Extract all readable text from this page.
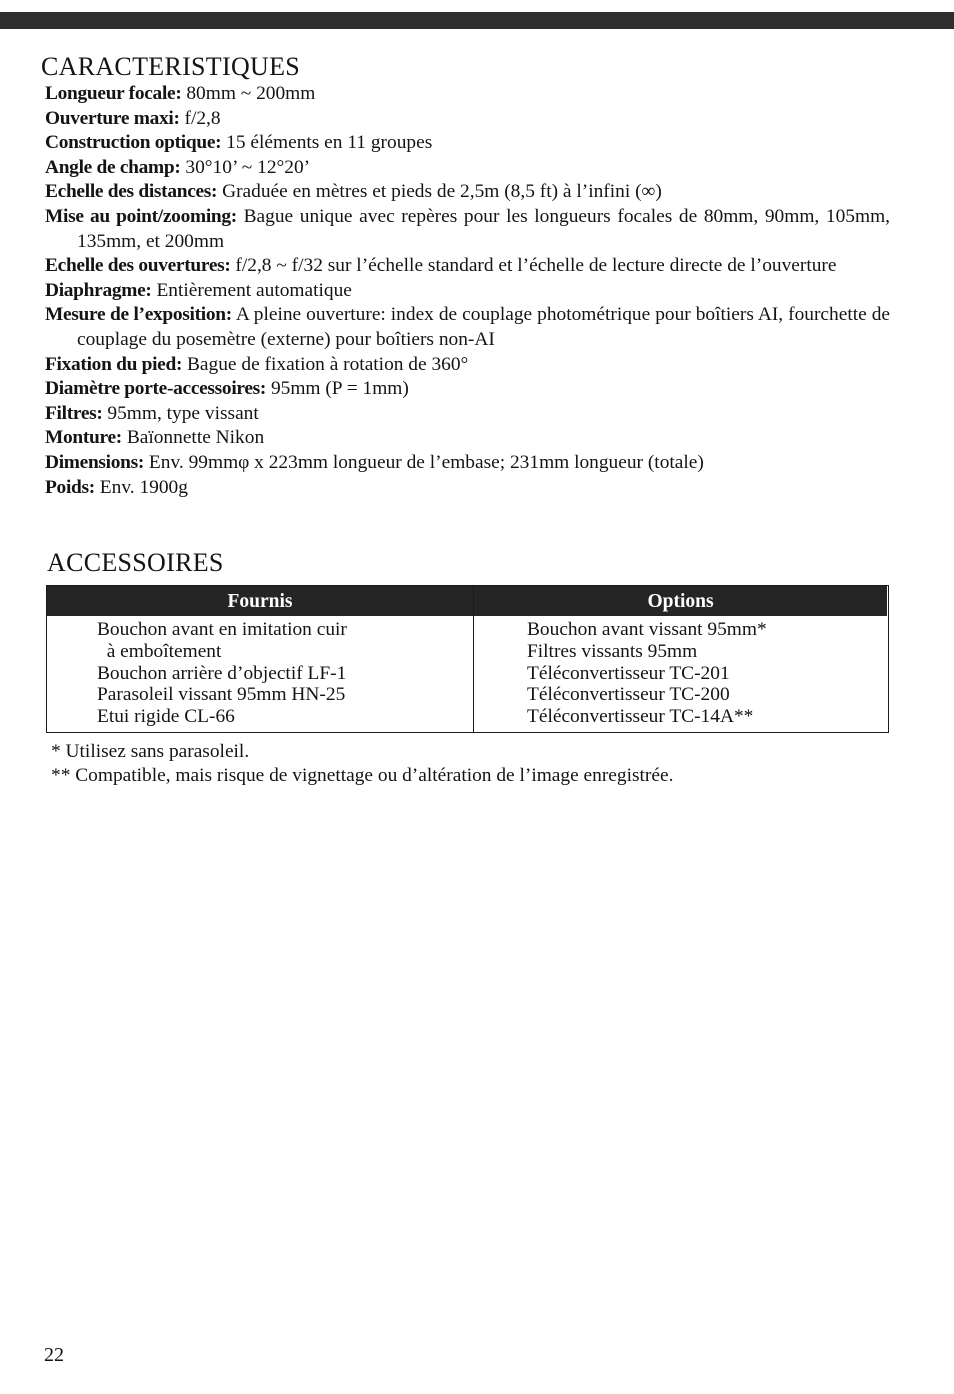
CARACTERISTIQUES
Longueur focale: 80mm ~ 200mm
Ouverture maxi: f/2,8
Construction optique: 15 éléments en 11 groupes
Angle de champ: 30°10’ ~ 12°20’
Echelle des distances: Graduée en mètres et pieds de 2,5m (8,5 ft) à l’infini (∞)
Mise au point/zooming: Bague unique avec repères pour les longueurs focales de 80mm, 90mm, 105mm, 135mm, et 200mm
Echelle des ouvertures: f/2,8 ~ f/32 sur l’échelle standard et l’échelle de lecture directe de l’ouverture
Diaphragme: Entièrement automatique
Mesure de l’exposition: A pleine ouverture: index de couplage photométrique pour boîtiers AI, fourchette de couplage du posemètre (externe) pour boîtiers non-AI
Fixation du pied: Bague de fixation à rotation de 360°
Diamètre porte-accessoires: 95mm (P = 1mm)
Filtres: 95mm, type vissant
Monture: Baïonnette Nikon
Dimensions: Env. 99mmφ x 223mm longueur de l’embase; 231mm longueur (totale)
Poids: Env. 1900g
ACCESSOIRES
Fournis
Bouchon avant en imitation cuir
à emboîtement
Bouchon arrière d’objectif LF-1
Parasoleil vissant 95mm HN-25
Etui rigide CL-66
Options
Bouchon avant vissant 95mm*
Filtres vissants 95mm
Téléconvertisseur TC-201
Téléconvertisseur TC-200
Téléconvertisseur TC-14A**
* Utilisez sans parasoleil.
** Compatible, mais risque de vignettage ou d’altération de l’image enregistrée.
22
